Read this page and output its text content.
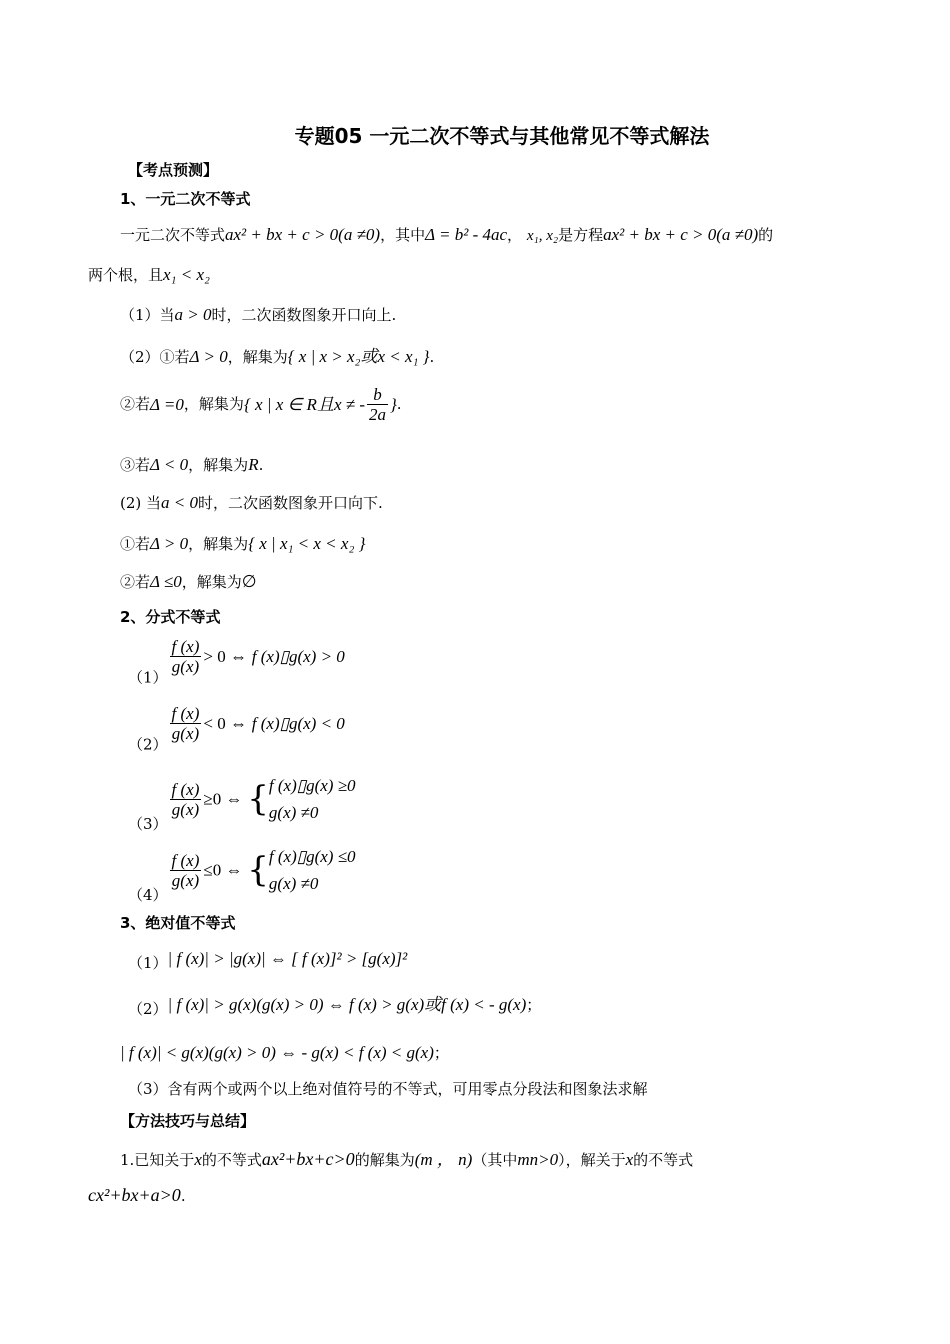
专题05 一元二次不等式与其他常见不等式解法
【考点预测】
1、一元二次不等式
一元二次不等式ax² + bx + c > 0(a ≠0)，其中Δ = b² - 4ac， x₁, x₂是方程ax² + bx + c > 0(a ≠0)的
两个根，且x₁ < x₂
（1）当a > 0时，二次函数图象开口向上.
（2）①若Δ > 0，解集为{ x | x > x₂或x < x₁ }.
②若Δ =0，解集为{ x | x ∈ R且x ≠ - $\frac{b}{2a}$ }.
③若Δ < 0，解集为R.
(2) 当a < 0时，二次函数图象开口向下.
①若Δ > 0，解集为{ x | x₁ < x < x₂ }
②若Δ ≤0，解集为∅
2、分式不等式
（1）
$\frac{f (x)}{g(x)} > 0$ ⇔ f (x)▯g(x) > 0
（2）
$\frac{f (x)}{g(x)} < 0$ ⇔ f (x)▯g(x) < 0
（3）
$\frac{f (x)}{g(x)} \ge 0$ ⇔ { f (x)▯g(x) ≥0
g(x) ≠0
（4）
$\frac{f (x)}{g(x)} \le 0$ ⇔ { f (x)▯g(x) ≤0
g(x) ≠0
3、绝对值不等式
（1）| f (x)| > |g(x)| ⇔ [ f (x)]² > [g(x)]²
（2）| f (x)| > g(x)(g(x) > 0) ⇔ f (x) > g(x)或f (x) < - g(x)；
| f (x)| < g(x)(g(x) > 0) ⇔ - g(x) < f (x) < g(x)；
（3）含有两个或两个以上绝对值符号的不等式，可用零点分段法和图象法求解
【方法技巧与总结】
1.已知关于x的不等式ax²+bx+c>0的解集为(m ， n)（其中mn>0），解关于x的不等式
cx²+bx+a>0.
